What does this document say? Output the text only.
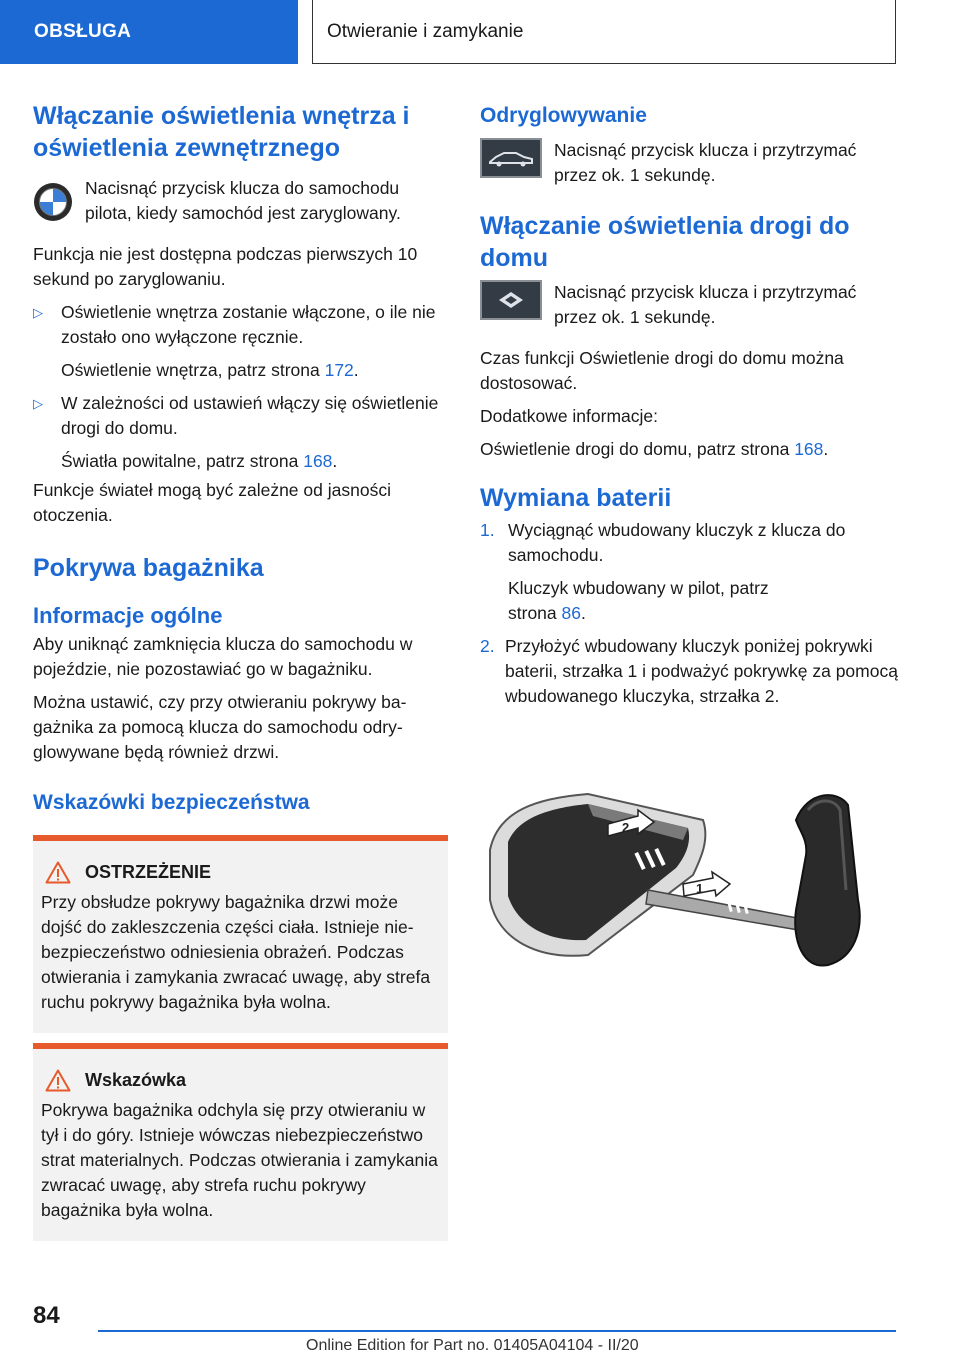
OBSŁUGA	Otwieranie i zamykanie
Włączanie oświetlenia wnętrza i oświetlenia zewnętrznego
Nacisnąć przycisk klucza do samochodu pilota, kiedy samochód jest zaryglowany.

Funkcja nie jest dostępna podczas pierwszych 10 sekund po zaryglowaniu.

▷ Oświetlenie wnętrza zostanie włączone, o ile nie zostało ono wyłączone ręcznie.

Oświetlenie wnętrza, patrz strona 172.

▷ W zależności od ustawień włączy się oświetlenie drogi do domu.

Światła powitalne, patrz strona 168.

Funkcje świateł mogą być zależne od jasności otoczenia.

Pokrywa bagażnika
Informacje ogólne

Aby uniknąć zamknięcia klucza do samochodu w pojeździe, nie pozostawiać go w bagażniku.

Można ustawić, czy przy otwieraniu pokrywy bagażnika za pomocą klucza do samochodu odryglowywane będą również drzwi.

Wskazówki bezpieczeństwa
OSTRZEŻENIE

Przy obsłudze pokrywy bagażnika drzwi może dojść do zakleszczenia części ciała. Istnieje niebezpieczeństwo odniesienia obrażeń. Podczas otwierania i zamykania zwracać uwagę, aby strefa ruchu pokrywy bagażnika była wolna.

Wskazówka

Pokrywa bagażnika odchyla się przy otwieraniu w tył i do góry. Istnieje wówczas niebezpieczeństwo strat materialnych. Podczas otwierania i zamykania zwracać uwagę, aby strefa ruchu pokrywy bagażnika była wolna.

Odryglowywanie
Nacisnąć przycisk klucza i przytrzymać przez ok. 1 sekundę.
Włączanie oświetlenia drogi do domu
Nacisnąć przycisk klucza i przytrzymać przez ok. 1 sekundę.

Czas funkcji Oświetlenie drogi do domu można dostosować.

Dodatkowe informacje:

Oświetlenie drogi do domu, patrz strona 168.

Wymiana baterii
1. Wyciągnąć wbudowany kluczyk z klucza do samochodu.

Kluczyk wbudowany w pilot, patrz strona 86.

2. Przyłożyć wbudowany kluczyk poniżej pokrywki baterii, strzałka 1 i podważyć pokrywkę za pomocą wbudowanego kluczyka, strzałka 2.

2
1
84
Online Edition for Part no. 01405A04104 - II/20
